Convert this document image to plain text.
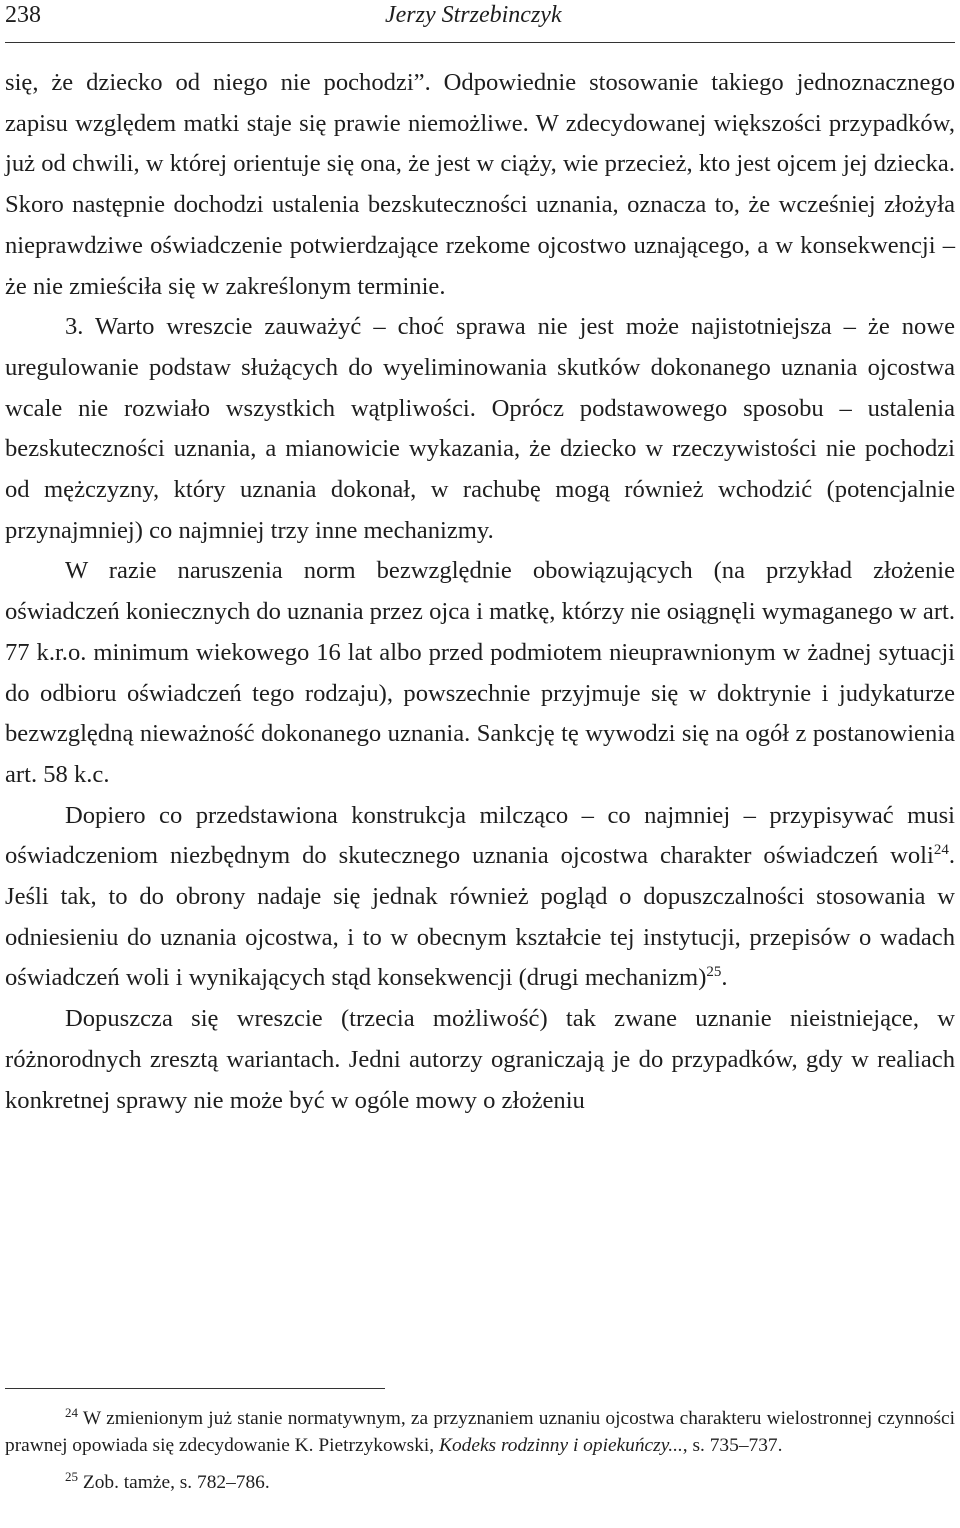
238	Jerzy Strzebinczyk

się, że dziecko od niego nie pochodzi”. Odpowiednie stosowanie takiego jednoznacznego zapisu względem matki staje się prawie niemożliwe. W zdecydowanej większości przypadków, już od chwili, w której orientuje się ona, że jest w ciąży, wie przecież, kto jest ojcem jej dziecka. Skoro następnie dochodzi ustalenia bezskuteczności uznania, oznacza to, że wcześniej złożyła nieprawdziwe oświadczenie potwierdzające rzekome ojcostwo uznającego, a w konsekwencji – że nie zmieściła się w zakreślonym terminie.

3. Warto wreszcie zauważyć – choć sprawa nie jest może najistotniejsza – że nowe uregulowanie podstaw służących do wyeliminowania skutków dokonanego uznania ojcostwa wcale nie rozwiało wszystkich wątpliwości. Oprócz podstawowego sposobu – ustalenia bezskuteczności uznania, a mianowicie wykazania, że dziecko w rzeczywistości nie pochodzi od mężczyzny, który uznania dokonał, w rachubę mogą również wchodzić (potencjalnie przynajmniej) co najmniej trzy inne mechanizmy.

W razie naruszenia norm bezwzględnie obowiązujących (na przykład złożenie oświadczeń koniecznych do uznania przez ojca i matkę, którzy nie osiągnęli wymaganego w art. 77 k.r.o. minimum wiekowego 16 lat albo przed podmiotem nieuprawnionym w żadnej sytuacji do odbioru oświadczeń tego rodzaju), powszechnie przyjmuje się w doktrynie i judykaturze bezwzględną nieważność dokonanego uznania. Sankcję tę wywodzi się na ogół z postanowienia art. 58 k.c.

Dopiero co przedstawiona konstrukcja milcząco – co najmniej – przypisywać musi oświadczeniom niezbędnym do skutecznego uznania ojcostwa charakter oświadczeń woli$^{24}$. Jeśli tak, to do obrony nadaje się jednak również pogląd o dopuszczalności stosowania w odniesieniu do uznania ojcostwa, i to w obecnym kształcie tej instytucji, przepisów o wadach oświadczeń woli i wynikających stąd konsekwencji (drugi mechanizm)$^{25}$.

Dopuszcza się wreszcie (trzecia możliwość) tak zwane uznanie nieistniejące, w różnorodnych zresztą wariantach. Jedni autorzy ograniczają je do przypadków, gdy w realiach konkretnej sprawy nie może być w ogóle mowy o złożeniu

$^{24}$ W zmienionym już stanie normatywnym, za przyznaniem uznaniu ojcostwa charakteru wielostronnej czynności prawnej opowiada się zdecydowanie K. Pietrzykowski, Kodeks rodzinny i opiekuńczy..., s. 735–737.

$^{25}$ Zob. tamże, s. 782–786.
